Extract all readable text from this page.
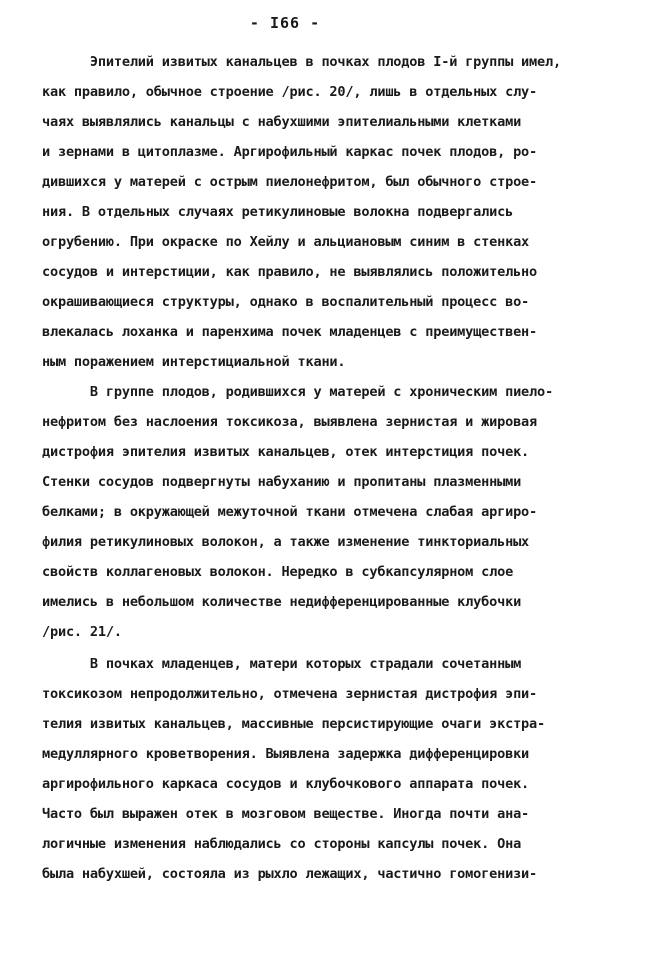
- I66 -
Эпителий извитых канальцев в почках плодов I-й группы имел,
как правило, обычное строение /рис. 20/, лишь в отдельных слу-
чаях выявлялись канальцы с набухшими эпителиальными клетками
и зернами в цитоплазме. Аргирофильный каркас почек плодов, ро-
дившихся у матерей с острым пиелонефритом, был обычного строе-
ния. В отдельных случаях ретикулиновые волокна подвергались
огрубению. При окраске по Хейлу и альциановым синим в стенках
сосудов и интерстиции, как правило, не выявлялись положительно
окрашивающиеся структуры, однако в воспалительный процесс во-
влекалась лоханка и паренхима почек младенцев с преимуществен-
ным поражением интерстициальной ткани.
В группе плодов, родившихся у матерей с хроническим пиело-
нефритом без наслоения токсикоза, выявлена зернистая и жировая
дистрофия эпителия извитых канальцев, отек интерстиция почек.
Стенки сосудов подвергнуты набуханию и пропитаны плазменными
белками; в окружающей межуточной ткани отмечена слабая аргиро-
филия ретикулиновых волокон, а также изменение тинкториальных
свойств коллагеновых волокон. Нередко в субкапсулярном слое
имелись в небольшом количестве недифференцированные клубочки
/рис. 21/.
В почках младенцев, матери которых страдали сочетанным
токсикозом непродолжительно, отмечена зернистая дистрофия эпи-
телия извитых канальцев, массивные персистирующие очаги экстра-
медуллярного кроветворения. Выявлена задержка дифференцировки
аргирофильного каркаса сосудов и клубочкового аппарата почек.
Часто был выражен отек в мозговом веществе. Иногда почти ана-
логичные изменения наблюдались со стороны капсулы почек. Она
была набухшей, состояла из рыхло лежащих, частично гомогенизи-
